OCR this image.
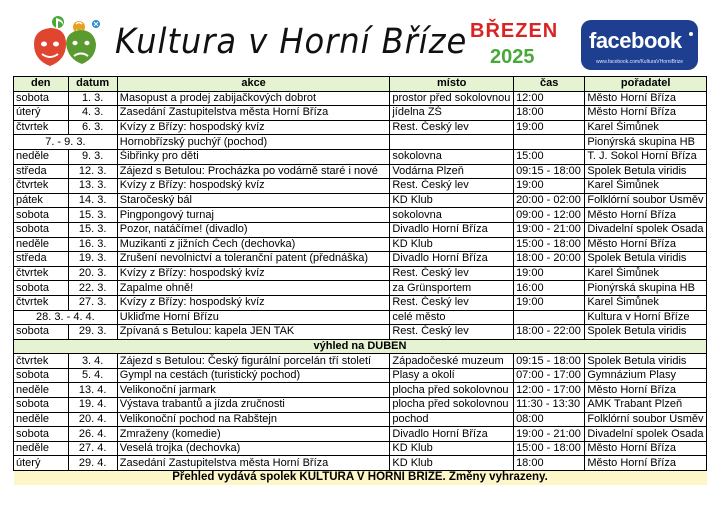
Kultura v Horní Bříze BŘEZEN
2025
facebook
www.facebook.com/KulturaVHorniBrize
den	datum	akce	místo	čas	pořadatel
sobota	1. 3.	Masopust a prodej zabijačkových dobrot	prostor před sokolovnou	12:00	Město Horní Bříza
úterý	4. 3.	Zasedání Zastupitelstva města Horní Bříza	jídelna ZŠ	18:00	Město Horní Bříza
čtvrtek	6. 3.	Kvízy z Břízy: hospodský kvíz	Rest. Český lev	19:00	Karel Šimůnek
7. - 9. 3.		Hornobřízský puchýř (pochod)			Pionýrská skupina HB
neděle	9. 3.	Šibřinky pro děti	sokolovna	15:00	T. J. Sokol Horní Bříza
středa	12. 3.	Zájezd s Betulou: Procházka po vodárně staré i nové	Vodárna Plzeň	09:15 - 18:00	Spolek Betula viridis
čtvrtek	13. 3.	Kvízy z Břízy: hospodský kvíz	Rest. Český lev	19:00	Karel Šimůnek
pátek	14. 3.	Staročeský bál	KD Klub	20:00 - 02:00	Folklórní soubor Úsměv
sobota	15. 3.	Pingpongový turnaj	sokolovna	09:00 - 12:00	Město Horní Bříza
sobota	15. 3.	Pozor, natáčíme! (divadlo)	Divadlo Horní Bříza	19:00 - 21:00	Divadelní spolek Osada
neděle	16. 3.	Muzikanti z jižních Čech (dechovka)	KD Klub	15:00 - 18:00	Město Horní Bříza
středa	19. 3.	Zrušení nevolnictví a toleranční patent (přednáška)	Divadlo Horní Bříza	18:00 - 20:00	Spolek Betula viridis
čtvrtek	20. 3.	Kvízy z Břízy: hospodský kvíz	Rest. Český lev	19:00	Karel Šimůnek
sobota	22. 3.	Zapalme ohně!	za Grünsportem	16:00	Pionýrská skupina HB
čtvrtek	27. 3.	Kvízy z Břízy: hospodský kvíz	Rest. Český lev	19:00	Karel Šimůnek
28. 3. - 4. 4.		Ukliďme Horní Břízu	celé město		Kultura v Horní Bříze
sobota	29. 3.	Zpívaná s Betulou: kapela JEN TAK	Rest. Český lev	18:00 - 22:00	Spolek Betula viridis
výhled na DUBEN					
čtvrtek	3. 4.	Zájezd s Betulou: Český figurální porcelán tří století	Západočeské muzeum	09:15 - 18:00	Spolek Betula viridis
sobota	5. 4.	Gympl na cestách (turistický pochod)	Plasy a okolí	07:00 - 17:00	Gymnázium Plasy
neděle	13. 4.	Velikonoční jarmark	plocha před sokolovnou	12:00 - 17:00	Město Horní Bříza
sobota	19. 4.	Výstava trabantů a jízda zručnosti	plocha před sokolovnou	11:30 - 13:30	AMK Trabant Plzeň
neděle	20. 4.	Velikonoční pochod na Rabštejn	pochod	08:00	Folklórní soubor Úsměv
sobota	26. 4.	Zmraženy (komedie)	Divadlo Horní Bříza	19:00 - 21:00	Divadelní spolek Osada
neděle	27. 4.	Veselá trojka (dechovka)	KD Klub	15:00 - 18:00	Město Horní Bříza
úterý	29. 4.	Zasedání Zastupitelstva města Horní Bříza	KD Klub	18:00	Město Horní Bříza
Přehled vydává spolek KULTURA V HORNÍ BŘÍZE. Změny vyhrazeny.					
